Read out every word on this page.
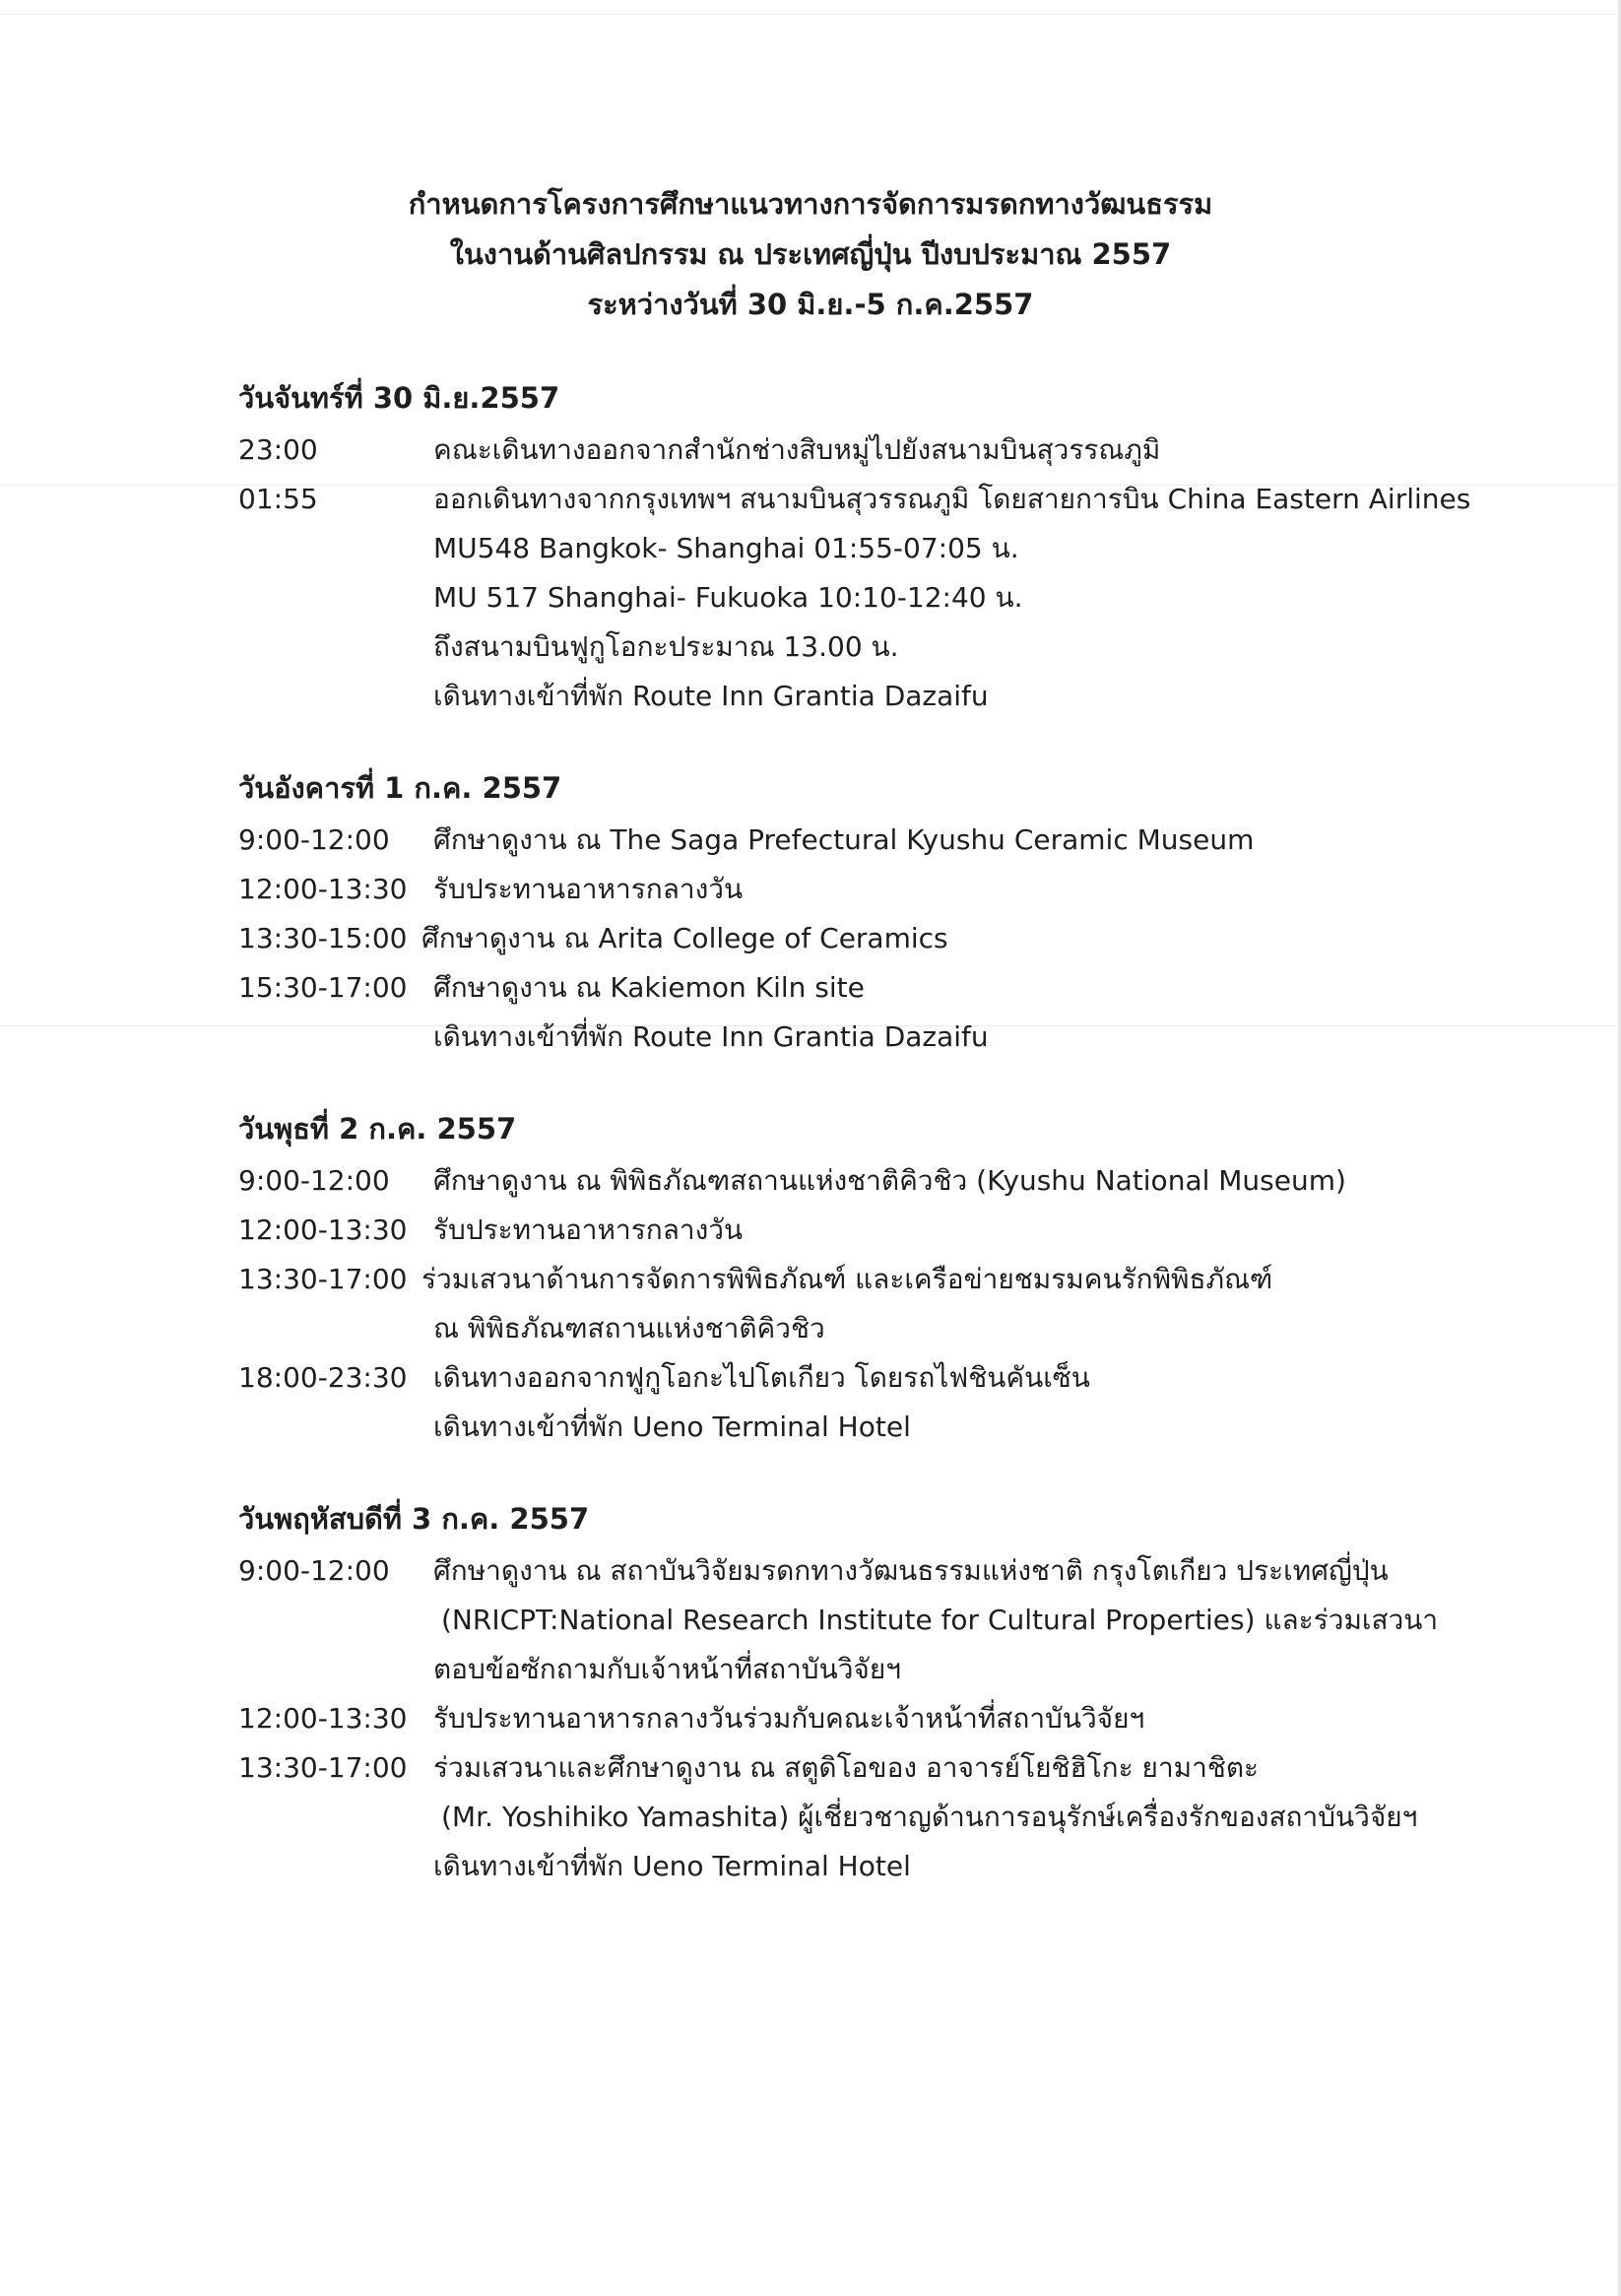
กำหนดการโครงการศึกษาแนวทางการจัดการมรดกทางวัฒนธรรม
ในงานด้านศิลปกรรม ณ ประเทศญี่ปุ่น ปีงบประมาณ 2557
ระหว่างวันที่ 30 มิ.ย.-5 ก.ค.2557
วันจันทร์ที่ 30 มิ.ย.2557
23:00	คณะเดินทางออกจากสำนักช่างสิบหมู่ไปยังสนามบินสุวรรณภูมิ
01:55	ออกเดินทางจากกรุงเทพฯ สนามบินสุวรรณภูมิ โดยสายการบิน China Eastern Airlines
MU548 Bangkok- Shanghai 01:55-07:05 น.
MU 517 Shanghai- Fukuoka 10:10-12:40 น.
ถึงสนามบินฟูกูโอกะประมาณ 13.00 น.
เดินทางเข้าที่พัก Route Inn Grantia Dazaifu
วันอังคารที่ 1 ก.ค. 2557
9:00-12:00	ศึกษาดูงาน ณ The Saga Prefectural Kyushu Ceramic Museum
12:00-13:30 รับประทานอาหารกลางวัน
13:30-15:00 ศึกษาดูงาน ณ Arita College of Ceramics
15:30-17:00 ศึกษาดูงาน ณ Kakiemon Kiln site
เดินทางเข้าที่พัก Route Inn Grantia Dazaifu
วันพุธที่ 2 ก.ค. 2557
9:00-12:00	ศึกษาดูงาน ณ พิพิธภัณฑสถานแห่งชาติคิวชิว (Kyushu National Museum)
12:00-13:30 รับประทานอาหารกลางวัน
13:30-17:00 ร่วมเสวนาด้านการจัดการพิพิธภัณฑ์ และเครือข่ายชมรมคนรักพิพิธภัณฑ์
ณ พิพิธภัณฑสถานแห่งชาติคิวชิว
18:00-23:30 เดินทางออกจากฟูกูโอกะไปโตเกียว โดยรถไฟชินคันเซ็น
เดินทางเข้าที่พัก Ueno Terminal Hotel
วันพฤหัสบดีที่ 3 ก.ค. 2557
9:00-12:00	ศึกษาดูงาน ณ สถาบันวิจัยมรดกทางวัฒนธรรมแห่งชาติ กรุงโตเกียว ประเทศญี่ปุ่น
(NRICPT:National Research Institute for Cultural Properties) และร่วมเสวนา
ตอบข้อซักถามกับเจ้าหน้าที่สถาบันวิจัยฯ
12:00-13:30 รับประทานอาหารกลางวันร่วมกับคณะเจ้าหน้าที่สถาบันวิจัยฯ
13:30-17:00 ร่วมเสวนาและศึกษาดูงาน ณ สตูดิโอของ อาจารย์โยชิฮิโกะ ยามาชิตะ
(Mr. Yoshihiko Yamashita) ผู้เชี่ยวชาญด้านการอนุรักษ์เครื่องรักของสถาบันวิจัยฯ
เดินทางเข้าที่พัก Ueno Terminal Hotel
